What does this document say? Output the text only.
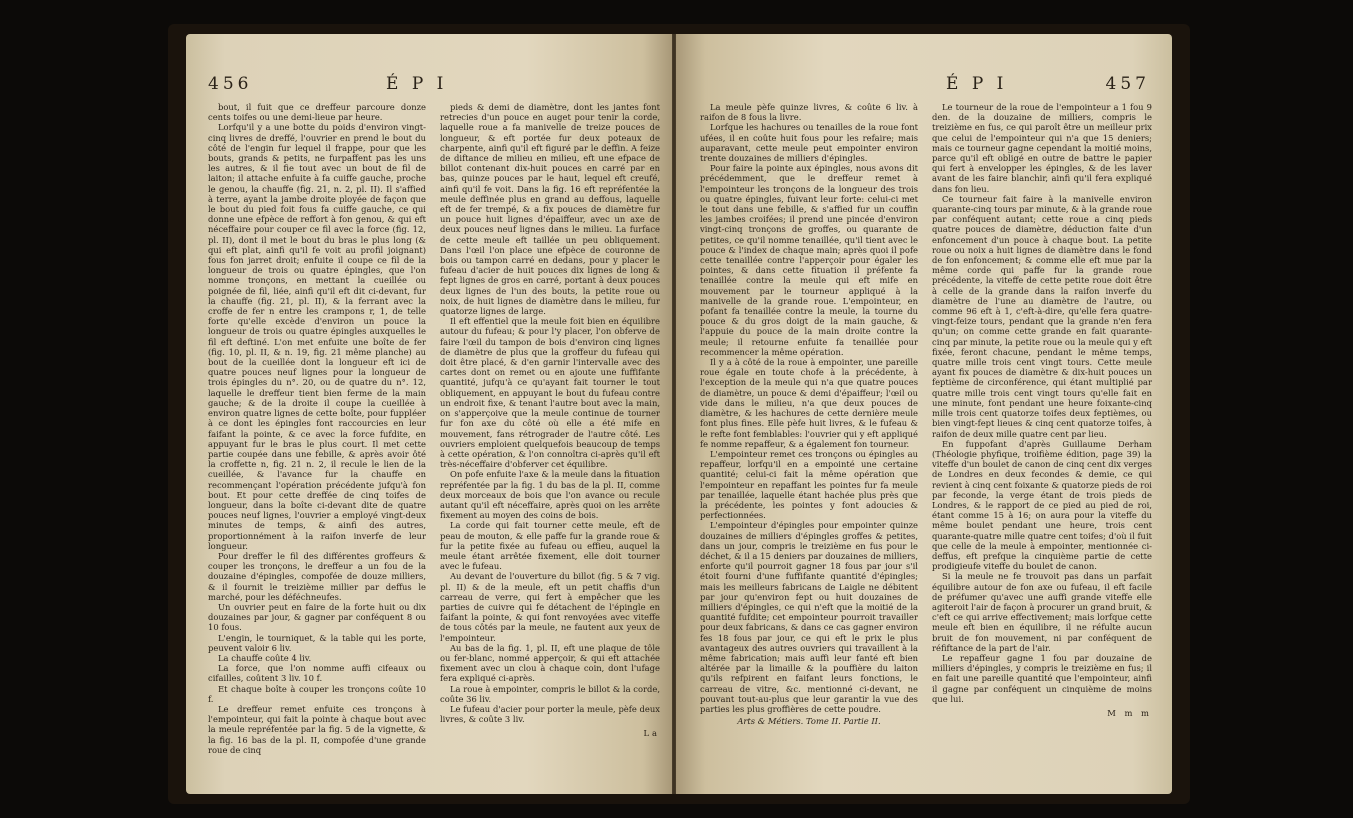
456	É P I

bout, il fuit que ce dreffeur parcoure donze cents toifes ou une demi-lieue par heure.

Lorfqu'il y a une botte du poids d'environ vingt-cinq livres de dreffé, l'ouvrier en prend le bout du côté de l'engin fur lequel il frappe, pour que les bouts, grands & petits, ne furpaffent pas les uns les autres, & il fie tout avec un bout de fil de laiton; il attache enfuite à fa cuiffe gauche, proche le genou, la chauffe (fig. 21, n. 2, pl. II). Il s'affied à terre, ayant la jambe droite ployée de façon que le bout du pied foit fous fa cuiffe gauche, ce qui donne une efpèce de reffort à fon genou, & qui eft néceffaire pour couper ce fil avec la force (fig. 12, pl. II), dont il met le bout du bras le plus long (& qui eft plat, ainfi qu'il fe voit au profil joignant) fous fon jarret droit; enfuite il coupe ce fil de la longueur de trois ou quatre épingles, que l'on nomme tronçons, en mettant la cueillée ou poignée de fil, liée, ainfi qu'il eft dit ci-devant, fur la chauffe (fig. 21, pl. II), & la ferrant avec la croffe de fer n entre les crampons r, 1, de telle forte qu'elle excède d'environ un pouce la longueur de trois ou quatre épingles auxquelles le fil eft deftiné. L'on met enfuite une boîte de fer (fig. 10, pl. II, & n. 19, fig. 21 même planche) au bout de la cueillée dont la longueur eft ici de quatre pouces neuf lignes pour la longueur de trois épingles du n°. 20, ou de quatre du n°. 12, laquelle le dreffeur tient bien ferme de la main gauche; & de la droite il coupe la cueillée à environ quatre lignes de cette boîte, pour fuppléer à ce dont les épingles font raccourcies en leur faifant la pointe, & ce avec la force fufdite, en appuyant fur le bras le plus court. Il met cette partie coupée dans une febille, & après avoir ôté la croffette n, fig. 21 n. 2, il recule le lien de la cueillée, & l'avance fur la chauffe en recommençant l'opération précédente jufqu'à fon bout. Et pour cette dreffée de cinq toifes de longueur, dans la boîte ci-devant dite de quatre pouces neuf lignes, l'ouvrier a employé vingt-deux minutes de temps, & ainfi des autres, proportionnément à la raifon inverfe de leur longueur.

Pour dreffer le fil des différentes groffeurs & couper les tronçons, le dreffeur a un fou de la douzaine d'épingles, compofée de douze milliers, & il fournit le treizième millier par deffus le marché, pour les déféchneufes.

Un ouvrier peut en faire de la forte huit ou dix douzaines par jour, & gagner par conféquent 8 ou 10 fous.

L'engin, le tourniquet, & la table qui les porte, peuvent valoir 6 liv.

La chauffe coûte 4 liv.

La force, que l'on nomme auffi cifeaux ou cifailles, coûtent 3 liv. 10 f.

Et chaque boîte à couper les tronçons coûte 10 f.

Le dreffeur remet enfuite ces tronçons à l'empointeur, qui fait la pointe à chaque bout avec la meule repréfentée par la fig. 5 de la vignette, & la fig. 16 bas de la pl. II, compofée d'une grande roue de cinq

pieds & demi de diamètre, dont les jantes font retrecies d'un pouce en auget pour tenir la corde, laquelle roue a fa manivelle de treize pouces de longueur, & eft portée fur deux poteaux de charpente, ainfi qu'il eft figuré par le deffin. A feize de diftance de milieu en milieu, eft une efpace de billot contenant dix-huit pouces en carré par en bas, quinze pouces par le haut, lequel eft creufé, ainfi qu'il fe voit. Dans la fig. 16 eft repréfentée la meule deffinée plus en grand au deffous, laquelle eft de fer trempé, & a fix pouces de diamètre fur un pouce huit lignes d'épaiffeur, avec un axe de deux pouces neuf lignes dans le milieu. La furface de cette meule eft taillée un peu obliquement. Dans l'œil l'on place une efpèce de couronne de bois ou tampon carré en dedans, pour y placer le fufeau d'acier de huit pouces dix lignes de long & fept lignes de gros en carré, portant à deux pouces deux lignes de l'un des bouts, la petite roue ou noix, de huit lignes de diamètre dans le milieu, fur quatorze lignes de large.

Il eft effentiel que la meule foit bien en équilibre autour du fufeau; & pour l'y placer, l'on obferve de faire l'œil du tampon de bois d'environ cinq lignes de diamètre de plus que la groffeur du fufeau qui doit être placé, & d'en garnir l'intervalle avec des cartes dont on remet ou en ajoute une fuffifante quantité, jufqu'à ce qu'ayant fait tourner le tout obliquement, en appuyant le bout du fufeau contre un endroit fixe, & tenant l'autre bout avec la main, on s'apperçoive que la meule continue de tourner fur fon axe du côté où elle a été mife en mouvement, fans rétrograder de l'autre côté. Les ouvriers emploient quelquefois beaucoup de temps à cette opération, & l'on connoîtra ci-après qu'il eft très-néceffaire d'obferver cet équilibre.

On pofe enfuite l'axe & la meule dans la fituation repréfentée par la fig. 1 du bas de la pl. II, comme deux morceaux de bois que l'on avance ou recule autant qu'il eft néceffaire, après quoi on les arrête fixement au moyen des coins de bois.

La corde qui fait tourner cette meule, eft de peau de mouton, & elle paffe fur la grande roue & fur la petite fixée au fufeau ou effieu, auquel la meule étant arrêtée fixement, elle doit tourner avec le fufeau.

Au devant de l'ouverture du billot (fig. 5 & 7 vig. pl. II) & de la meule, eft un petit chaffis d'un carreau de verre, qui fert à empêcher que les parties de cuivre qui fe détachent de l'épingle en faifant la pointe, & qui font renvoyées avec viteffe de tous côtés par la meule, ne fautent aux yeux de l'empointeur.

Au bas de la fig. 1, pl. II, eft une plaque de tôle ou fer-blanc, nommé apperçoir, & qui eft attachée fixement avec un clou à chaque coin, dont l'ufage fera expliqué ci-après.

La roue à empointer, compris le billot & la corde, coûte 36 liv.

Le fufeau d'acier pour porter la meule, pèfe deux livres, & coûte 3 liv.

La
É P I	457

La meule pèfe quinze livres, & coûte 6 liv. à raifon de 8 fous la livre.

Lorfque les hachures ou tenailles de la roue font ufées, il en coûte huit fous pour les refaire; mais auparavant, cette meule peut empointer environ trente douzaines de milliers d'épingles.

Pour faire la pointe aux épingles, nous avons dit précédemment, que le dreffeur remet à l'empointeur les tronçons de la longueur des trois ou quatre épingles, fuivant leur forte: celui-ci met le tout dans une febille, & s'affied fur un couffin les jambes croifées; il prend une pincée d'environ vingt-cinq tronçons de groffes, ou quarante de petites, ce qu'il nomme tenaillée, qu'il tient avec le pouce & l'index de chaque main; après quoi il pofe cette tenaillée contre l'apperçoir pour égaler les pointes, & dans cette fituation il préfente fa tenaillée contre la meule qui eft mife en mouvement par le tourneur appliqué à la manivelle de la grande roue. L'empointeur, en pofant fa tenaillée contre la meule, la tourne du pouce & du gros doigt de la main gauche, & l'appuie du pouce de la main droite contre la meule; il retourne enfuite fa tenaillée pour recommencer la même opération.

Il y a à côté de la roue à empointer, une pareille roue égale en toute chofe à la précédente, à l'exception de la meule qui n'a que quatre pouces de diamètre, un pouce & demi d'épaiffeur; l'œil ou vide dans le milieu, n'a que deux pouces de diamètre, & les hachures de cette dernière meule font plus fines. Elle pèfe huit livres, & le fufeau & le refte font femblables: l'ouvrier qui y eft appliqué fe nomme repaffeur, & a également fon tourneur.

L'empointeur remet ces tronçons ou épingles au repaffeur, lorfqu'il en a empointé une certaine quantité; celui-ci fait la même opération que l'empointeur en repaffant les pointes fur fa meule par tenaillée, laquelle étant hachée plus près que la précédente, les pointes y font adoucies & perfectionnées.

L'empointeur d'épingles pour empointer quinze douzaines de milliers d'épingles groffes & petites, dans un jour, compris le treizième en fus pour le déchet, & il a 15 deniers par douzaines de milliers, enforte qu'il pourroit gagner 18 fous par jour s'il étoit fourni d'une fuffifante quantité d'épingles; mais les meilleurs fabricans de Laigle ne débitent par jour qu'environ fept ou huit douzaines de milliers d'épingles, ce qui n'eft que la moitié de la quantité fufdite; cet empointeur pourroit travailler pour deux fabricans, & dans ce cas gagner environ fes 18 fous par jour, ce qui eft le prix le plus avantageux des autres ouvriers qui travaillent à la même fabrication; mais auffi leur fanté eft bien altérée par la limaille & la pouffière du laiton qu'ils refpirent en faifant leurs fonctions, le carreau de vitre, &c. mentionné ci-devant, ne pouvant tout-au-plus que leur garantir la vue des parties les plus groffières de cette poudre.

Arts & Métiers. Tome II. Partie II.

Le tourneur de la roue de l'empointeur a 1 fou 9 den. de la douzaine de milliers, compris le treizième en fus, ce qui paroît être un meilleur prix que celui de l'empointeur qui n'a que 15 deniers; mais ce tourneur gagne cependant la moitié moins, parce qu'il eft obligé en outre de battre le papier qui fert à envelopper les épingles, & de les laver avant de les faire blanchir, ainfi qu'il fera expliqué dans fon lieu.

Ce tourneur fait faire à la manivelle environ quarante-cinq tours par minute, & à la grande roue par conféquent autant; cette roue a cinq pieds quatre pouces de diamètre, déduction faite d'un enfoncement d'un pouce à chaque bout. La petite roue ou noix a huit lignes de diamètre dans le fond de fon enfoncement; & comme elle eft mue par la même corde qui paffe fur la grande roue précédente, la viteffe de cette petite roue doit être à celle de la grande dans la raifon inverfe du diamètre de l'une au diamètre de l'autre, ou comme 96 eft à 1, c'eft-à-dire, qu'elle fera quatre-vingt-feize tours, pendant que la grande n'en fera qu'un; on comme cette grande en fait quarante-cinq par minute, la petite roue ou la meule qui y eft fixée, feront chacune, pendant le même temps, quatre mille trois cent vingt tours. Cette meule ayant fix pouces de diamètre & dix-huit pouces un feptième de circonférence, qui étant multiplié par quatre mille trois cent vingt tours qu'elle fait en une minute, font pendant une heure foixante-cinq mille trois cent quatorze toifes deux feptièmes, ou bien vingt-fept lieues & cinq cent quatorze toifes, à raifon de deux mille quatre cent par lieu.

En fuppofant d'après Guillaume Derham (Théologie phyfique, troifième édition, page 39) la viteffe d'un boulet de canon de cinq cent dix verges de Londres en deux fecondes & demie, ce qui revient à cinq cent foixante & quatorze pieds de roi par feconde, la verge étant de trois pieds de Londres, & le rapport de ce pied au pied de roi, étant comme 15 à 16; on aura pour la viteffe du même boulet pendant une heure, trois cent quarante-quatre mille quatre cent toifes; d'où il fuit que celle de la meule à empointer, mentionnée ci-deffus, eft prefque la cinquième partie de cette prodigieufe viteffe du boulet de canon.

Si la meule ne fe trouvoit pas dans un parfait équilibre autour de fon axe ou fufeau, il eft facile de préfumer qu'avec une auffi grande viteffe elle agiteroit l'air de façon à procurer un grand bruit, & c'eft ce qui arrive effectivement; mais lorfque cette meule eft bien en équilibre, il ne réfulte aucun bruit de fon mouvement, ni par conféquent de réfiftance de la part de l'air.

Le repaffeur gagne 1 fou par douzaine de milliers d'épingles, y compris le treizième en fus; il en fait une pareille quantité que l'empointeur, ainfi il gagne par conféquent un cinquième de moins que lui.

M m m
